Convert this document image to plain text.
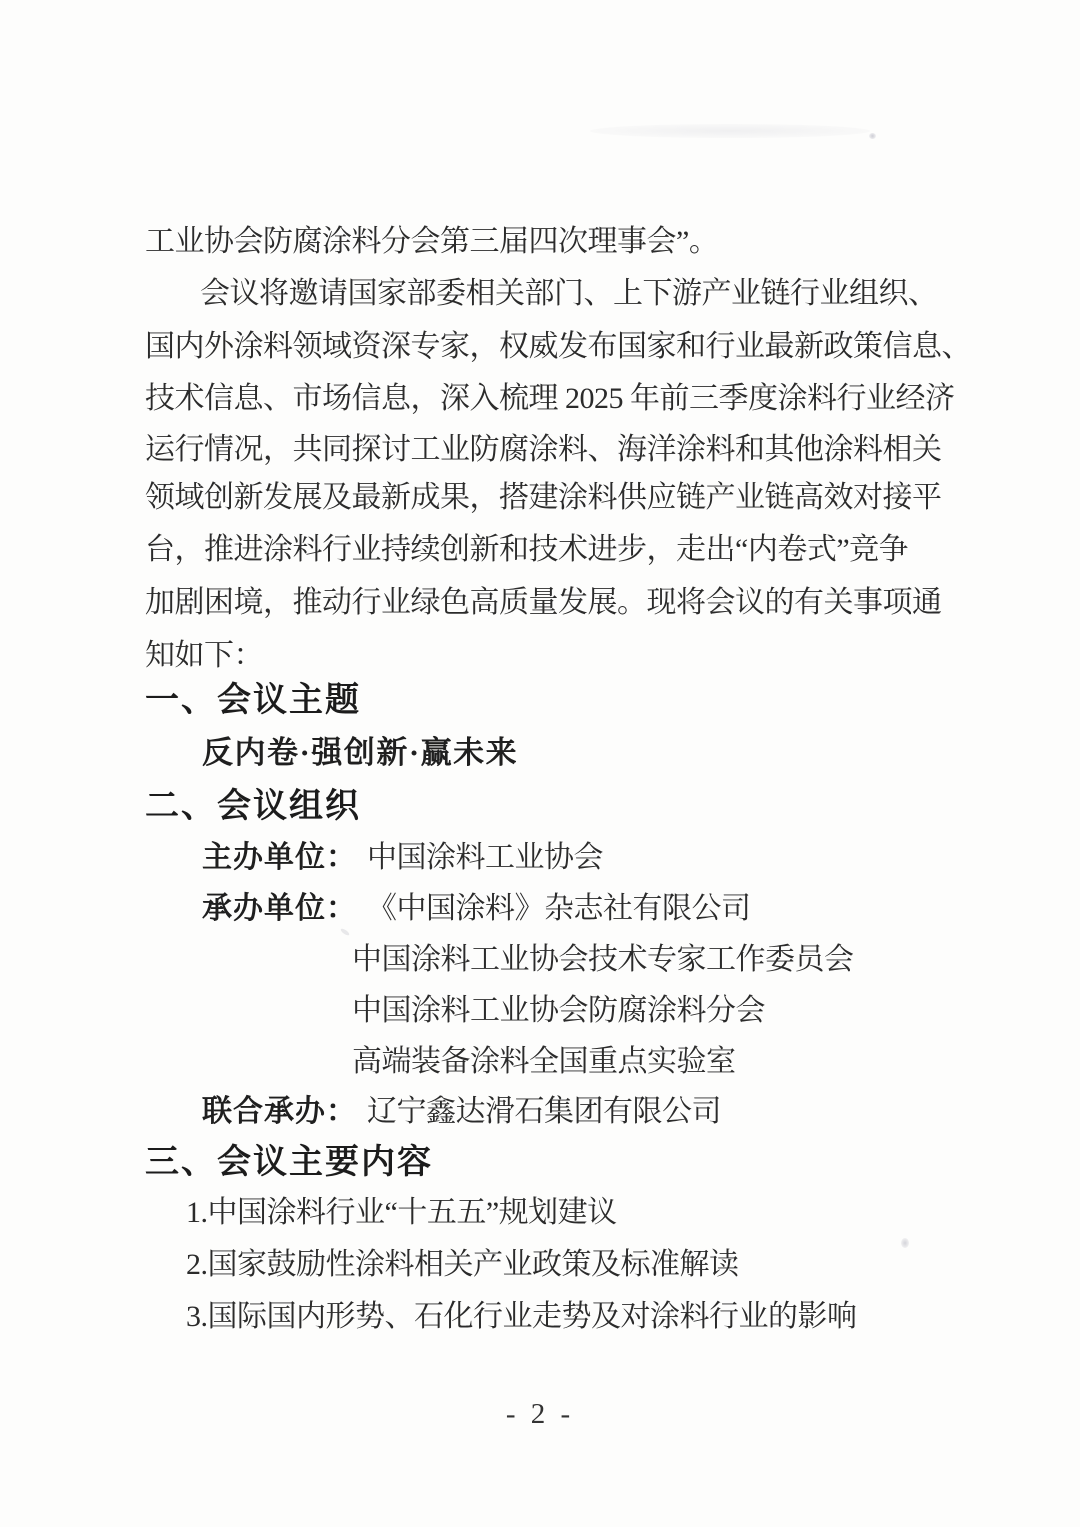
工业协会防腐涂料分会第三届四次理事会”。
会议将邀请国家部委相关部门、上下游产业链行业组织、
国内外涂料领域资深专家，权威发布国家和行业最新政策信息、
技术信息、市场信息，深入梳理 2025 年前三季度涂料行业经济
运行情况，共同探讨工业防腐涂料、海洋涂料和其他涂料相关
领域创新发展及最新成果，搭建涂料供应链产业链高效对接平
台，推进涂料行业持续创新和技术进步，走出“内卷式”竞争
加剧困境，推动行业绿色高质量发展。现将会议的有关事项通
知如下：
一、会议主题
反内卷·强创新·赢未来
二、会议组织
主办单位： 中国涂料工业协会
承办单位： 《中国涂料》杂志社有限公司
中国涂料工业协会技术专家工作委员会
中国涂料工业协会防腐涂料分会
高端装备涂料全国重点实验室
联合承办： 辽宁鑫达滑石集团有限公司
三、会议主要内容
1.中国涂料行业“十五五”规划建议
2.国家鼓励性涂料相关产业政策及标准解读
3.国际国内形势、石化行业走势及对涂料行业的影响
- 2 -
